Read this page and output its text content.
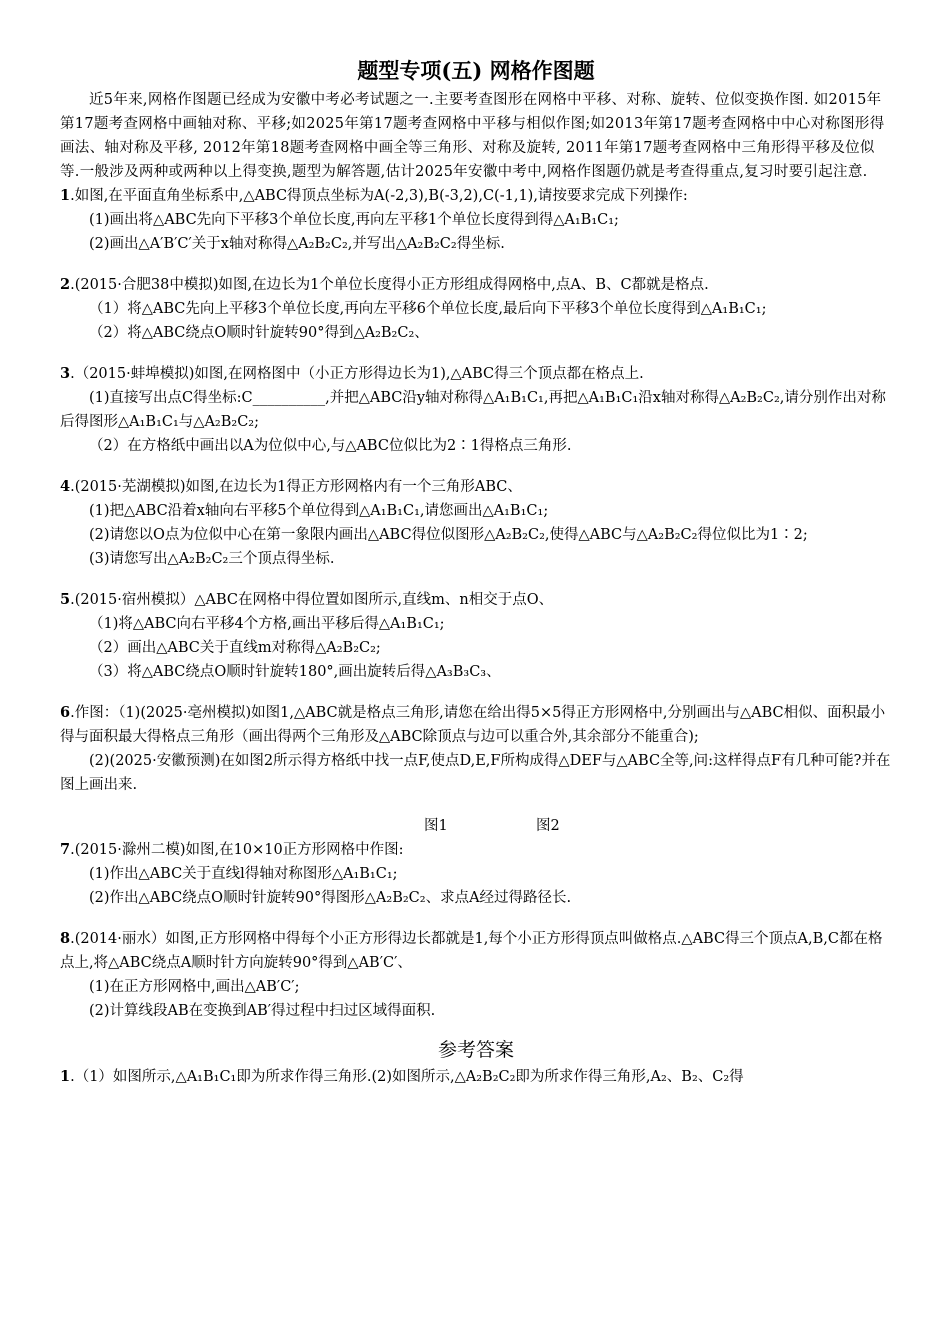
题型专项(五) 网格作图题

近5年来,网格作图题已经成为安徽中考必考试题之一.主要考查图形在网格中平移、对称、旋转、位似变换作图. 如2015年第17题考查网格中画轴对称、平移;如2025年第17题考查网格中平移与相似作图;如2013年第17题考查网格中中心对称图形得画法、轴对称及平移, 2012年第18题考查网格中画全等三角形、对称及旋转, 2011年第17题考查网格中三角形得平移及位似等.一般涉及两种或两种以上得变换,题型为解答题,估计2025年安徽中考中,网格作图题仍就是考查得重点,复习时要引起注意.

1.如图,在平面直角坐标系中,△ABC得顶点坐标为A(-2,3),B(-3,2),C(-1,1),请按要求完成下列操作:

(1)画出将△ABC先向下平移3个单位长度,再向左平移1个单位长度得到得△A₁B₁C₁;

(2)画出△A′B′C′关于x轴对称得△A₂B₂C₂,并写出△A₂B₂C₂得坐标.

2.(2015·合肥38中模拟)如图,在边长为1个单位长度得小正方形组成得网格中,点A、B、C都就是格点.

（1）将△ABC先向上平移3个单位长度,再向左平移6个单位长度,最后向下平移3个单位长度得到△A₁B₁C₁;

（2）将△ABC绕点O顺时针旋转90°得到△A₂B₂C₂、

3.（2015·蚌埠模拟)如图,在网格图中（小正方形得边长为1),△ABC得三个顶点都在格点上.

(1)直接写出点C得坐标:C__________,并把△ABC沿y轴对称得△A₁B₁C₁,再把△A₁B₁C₁沿x轴对称得△A₂B₂C₂,请分别作出对称后得图形△A₁B₁C₁与△A₂B₂C₂;

（2）在方格纸中画出以A为位似中心,与△ABC位似比为2∶1得格点三角形.

4.(2015·芜湖模拟)如图,在边长为1得正方形网格内有一个三角形ABC、

(1)把△ABC沿着x轴向右平移5个单位得到△A₁B₁C₁,请您画出△A₁B₁C₁;

(2)请您以O点为位似中心在第一象限内画出△ABC得位似图形△A₂B₂C₂,使得△ABC与△A₂B₂C₂得位似比为1∶2;

(3)请您写出△A₂B₂C₂三个顶点得坐标.

5.(2015·宿州模拟）△ABC在网格中得位置如图所示,直线m、n相交于点O、

（1)将△ABC向右平移4个方格,画出平移后得△A₁B₁C₁;

（2）画出△ABC关于直线m对称得△A₂B₂C₂;

（3）将△ABC绕点O顺时针旋转180°,画出旋转后得△A₃B₃C₃、

6.作图：（1)(2025·亳州模拟)如图1,△ABC就是格点三角形,请您在给出得5×5得正方形网格中,分别画出与△ABC相似、面积最小得与面积最大得格点三角形（画出得两个三角形及△ABC除顶点与边可以重合外,其余部分不能重合);

(2)(2025·安徽预测)在如图2所示得方格纸中找一点F,使点D,E,F所构成得△DEF与△ABC全等,问:这样得点F有几种可能?并在图上画出来.

图1	图2

7.(2015·滁州二模)如图,在10×10正方形网格中作图:

(1)作出△ABC关于直线l得轴对称图形△A₁B₁C₁;

(2)作出△ABC绕点O顺时针旋转90°得图形△A₂B₂C₂、求点A经过得路径长.

8.(2014·丽水）如图,正方形网格中得每个小正方形得边长都就是1,每个小正方形得顶点叫做格点.△ABC得三个顶点A,B,C都在格点上,将△ABC绕点A顺时针方向旋转90°得到△AB′C′、

(1)在正方形网格中,画出△AB′C′;

(2)计算线段AB在变换到AB′得过程中扫过区域得面积.

参考答案

1.（1）如图所示,△A₁B₁C₁即为所求作得三角形.(2)如图所示,△A₂B₂C₂即为所求作得三角形,A₂、B₂、C₂得
